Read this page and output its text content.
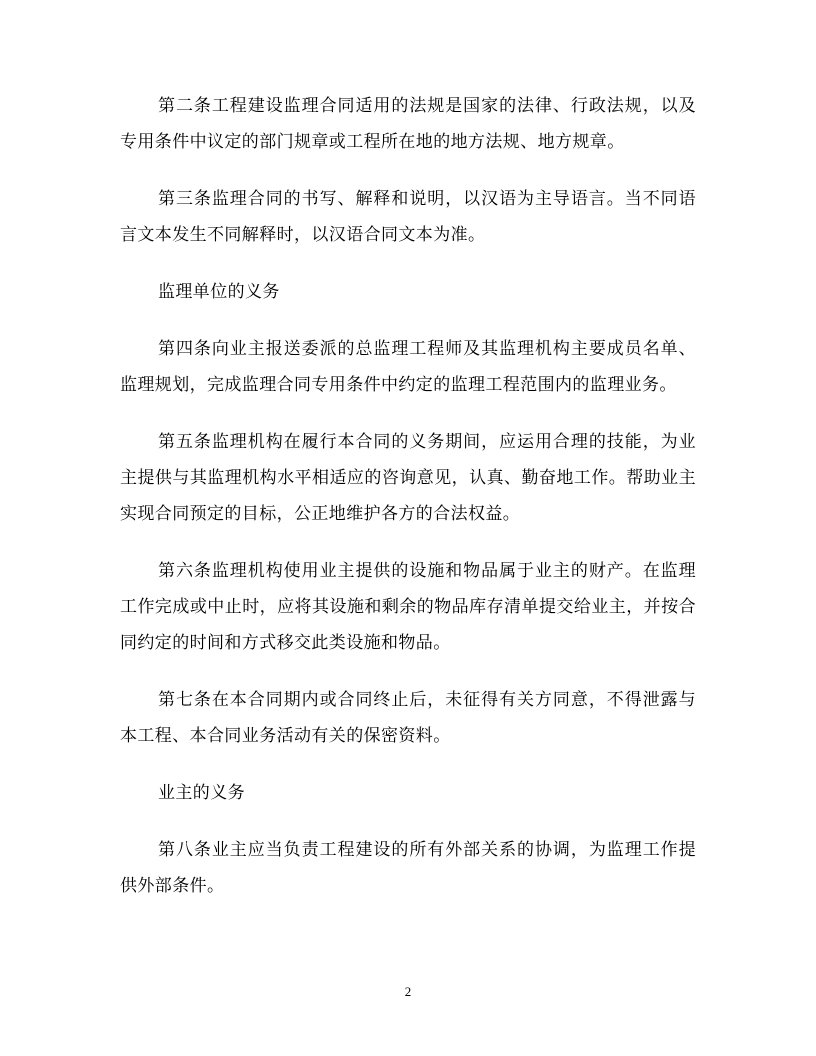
第二条工程建设监理合同适用的法规是国家的法律、行政法规，以及专用条件中议定的部门规章或工程所在地的地方法规、地方规章。

第三条监理合同的书写、解释和说明，以汉语为主导语言。当不同语言文本发生不同解释时，以汉语合同文本为准。

监理单位的义务

第四条向业主报送委派的总监理工程师及其监理机构主要成员名单、监理规划，完成监理合同专用条件中约定的监理工程范围内的监理业务。

第五条监理机构在履行本合同的义务期间，应运用合理的技能，为业主提供与其监理机构水平相适应的咨询意见，认真、勤奋地工作。帮助业主实现合同预定的目标，公正地维护各方的合法权益。

第六条监理机构使用业主提供的设施和物品属于业主的财产。在监理工作完成或中止时，应将其设施和剩余的物品库存清单提交给业主，并按合同约定的时间和方式移交此类设施和物品。

第七条在本合同期内或合同终止后，未征得有关方同意，不得泄露与本工程、本合同业务活动有关的保密资料。

业主的义务

第八条业主应当负责工程建设的所有外部关系的协调，为监理工作提供外部条件。

2
